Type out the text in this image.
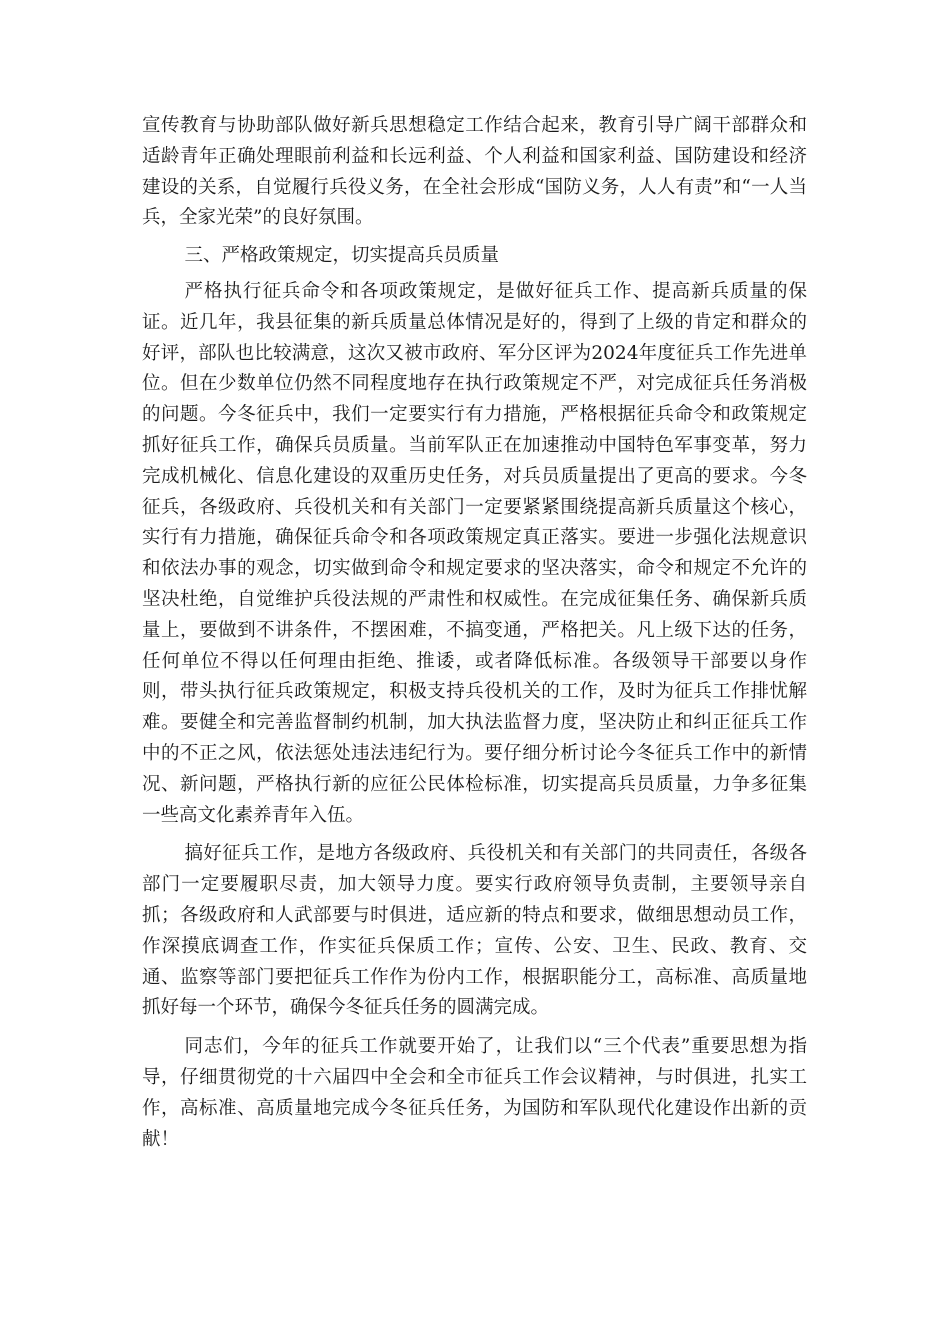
宣传教育与协助部队做好新兵思想稳定工作结合起来，教育引导广阔干部群众和适龄青年正确处理眼前利益和长远利益、个人利益和国家利益、国防建设和经济建设的关系，自觉履行兵役义务，在全社会形成“国防义务，人人有责”和“一人当兵，全家光荣”的良好氛围。

三、严格政策规定，切实提高兵员质量

严格执行征兵命令和各项政策规定，是做好征兵工作、提高新兵质量的保证。近几年，我县征集的新兵质量总体情况是好的，得到了上级的肯定和群众的好评，部队也比较满意，这次又被市政府、军分区评为2024年度征兵工作先进单位。但在少数单位仍然不同程度地存在执行政策规定不严，对完成征兵任务消极的问题。今冬征兵中，我们一定要实行有力措施，严格根据征兵命令和政策规定抓好征兵工作，确保兵员质量。当前军队正在加速推动中国特色军事变革，努力完成机械化、信息化建设的双重历史任务，对兵员质量提出了更高的要求。今冬征兵，各级政府、兵役机关和有关部门一定要紧紧围绕提高新兵质量这个核心，实行有力措施，确保征兵命令和各项政策规定真正落实。要进一步强化法规意识和依法办事的观念，切实做到命令和规定要求的坚决落实，命令和规定不允许的坚决杜绝，自觉维护兵役法规的严肃性和权威性。在完成征集任务、确保新兵质量上，要做到不讲条件，不摆困难，不搞变通，严格把关。凡上级下达的任务，任何单位不得以任何理由拒绝、推诿，或者降低标准。各级领导干部要以身作则，带头执行征兵政策规定，积极支持兵役机关的工作，及时为征兵工作排忧解难。要健全和完善监督制约机制，加大执法监督力度，坚决防止和纠正征兵工作中的不正之风，依法惩处违法违纪行为。要仔细分析讨论今冬征兵工作中的新情况、新问题，严格执行新的应征公民体检标准，切实提高兵员质量，力争多征集一些高文化素养青年入伍。

搞好征兵工作，是地方各级政府、兵役机关和有关部门的共同责任，各级各部门一定要履职尽责，加大领导力度。要实行政府领导负责制，主要领导亲自抓；各级政府和人武部要与时俱进，适应新的特点和要求，做细思想动员工作，作深摸底调查工作，作实征兵保质工作；宣传、公安、卫生、民政、教育、交通、监察等部门要把征兵工作作为份内工作，根据职能分工，高标准、高质量地抓好每一个环节，确保今冬征兵任务的圆满完成。

同志们，今年的征兵工作就要开始了，让我们以“三个代表”重要思想为指导，仔细贯彻党的十六届四中全会和全市征兵工作会议精神，与时俱进，扎实工作，高标准、高质量地完成今冬征兵任务，为国防和军队现代化建设作出新的贡献！
